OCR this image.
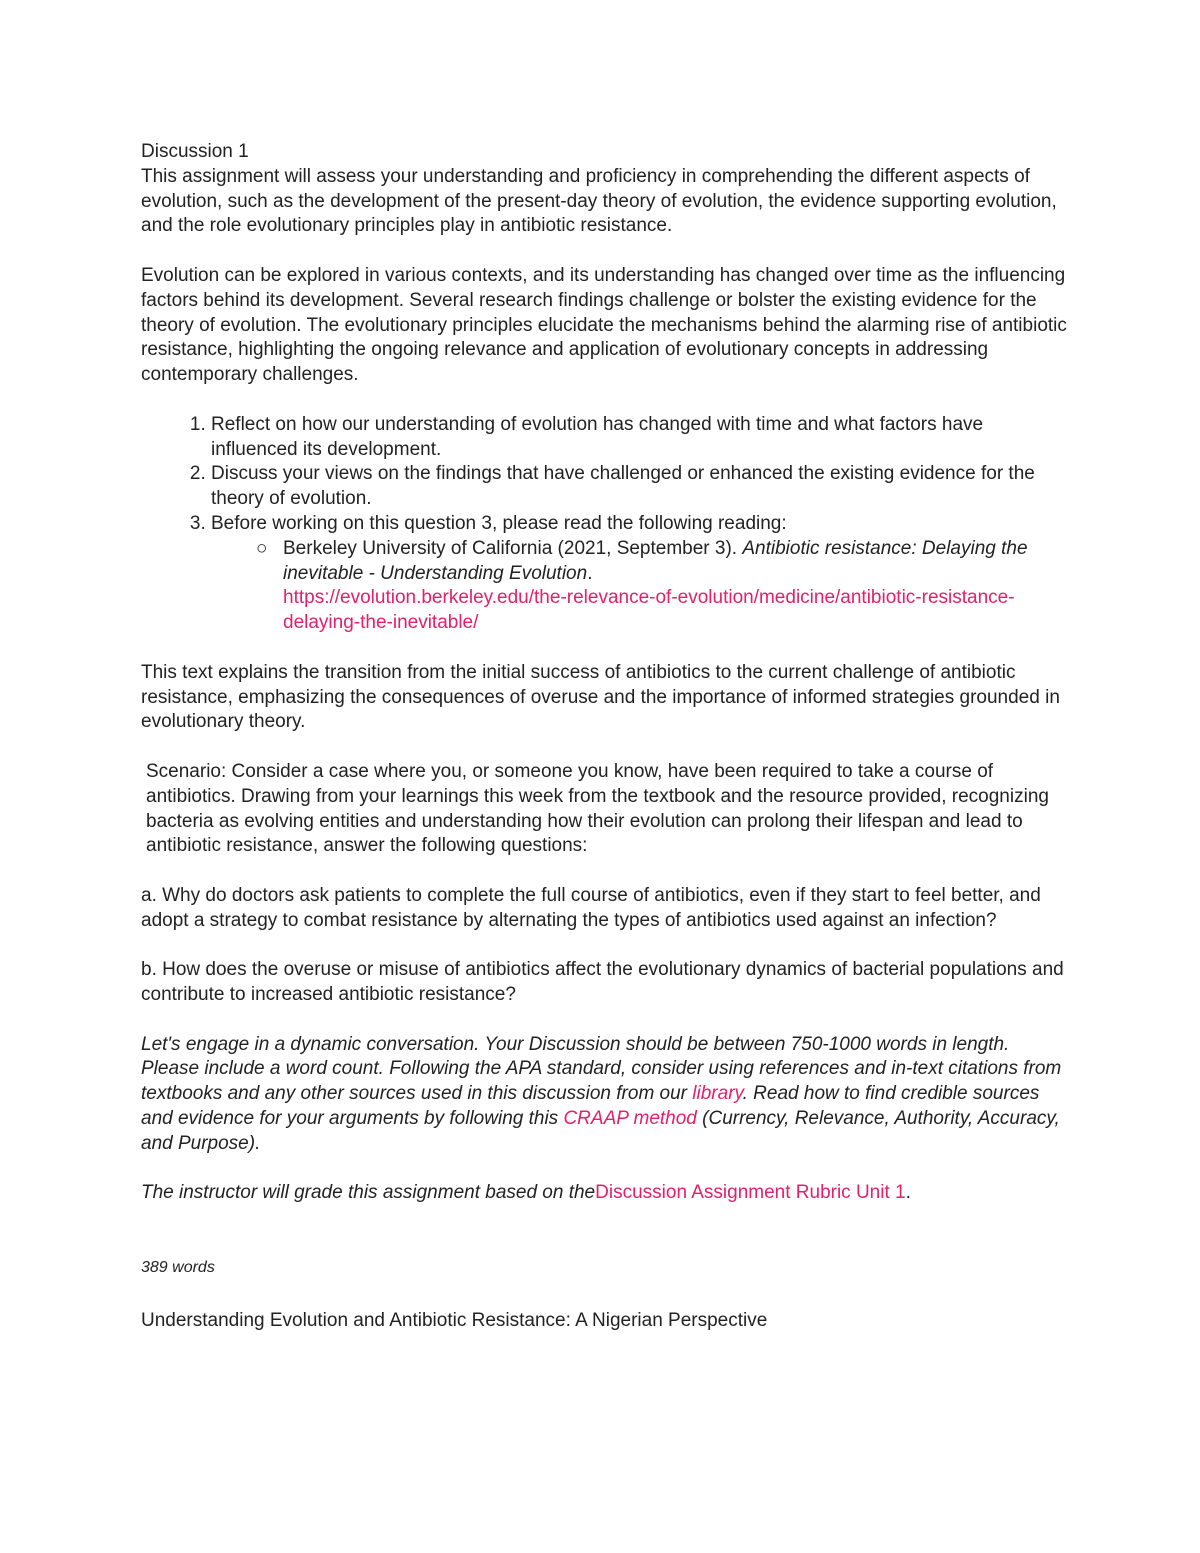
Discussion 1

This assignment will assess your understanding and proficiency in comprehending the different aspects of evolution, such as the development of the present-day theory of evolution, the evidence supporting evolution, and the role evolutionary principles play in antibiotic resistance.

Evolution can be explored in various contexts, and its understanding has changed over time as the influencing factors behind its development. Several research findings challenge or bolster the existing evidence for the theory of evolution. The evolutionary principles elucidate the mechanisms behind the alarming rise of antibiotic resistance, highlighting the ongoing relevance and application of evolutionary concepts in addressing contemporary challenges.

1. Reflect on how our understanding of evolution has changed with time and what factors have influenced its development.
2. Discuss your views on the findings that have challenged or enhanced the existing evidence for the theory of evolution.
3. Before working on this question 3, please read the following reading:
○ Berkeley University of California (2021, September 3). Antibiotic resistance: Delaying the inevitable - Understanding Evolution.
https://evolution.berkeley.edu/the-relevance-of-evolution/medicine/antibiotic-resistance-delaying-the-inevitable/

This text explains the transition from the initial success of antibiotics to the current challenge of antibiotic resistance, emphasizing the consequences of overuse and the importance of informed strategies grounded in evolutionary theory.

Scenario: Consider a case where you, or someone you know, have been required to take a course of antibiotics. Drawing from your learnings this week from the textbook and the resource provided, recognizing bacteria as evolving entities and understanding how their evolution can prolong their lifespan and lead to antibiotic resistance, answer the following questions:

a. Why do doctors ask patients to complete the full course of antibiotics, even if they start to feel better, and adopt a strategy to combat resistance by alternating the types of antibiotics used against an infection?

b. How does the overuse or misuse of antibiotics affect the evolutionary dynamics of bacterial populations and contribute to increased antibiotic resistance?

Let's engage in a dynamic conversation. Your Discussion should be between 750-1000 words in length. Please include a word count. Following the APA standard, consider using references and in-text citations from textbooks and any other sources used in this discussion from our library. Read how to find credible sources and evidence for your arguments by following this CRAAP method (Currency, Relevance, Authority, Accuracy, and Purpose).

The instructor will grade this assignment based on theDiscussion Assignment Rubric Unit 1.

389 words

Understanding Evolution and Antibiotic Resistance: A Nigerian Perspective
